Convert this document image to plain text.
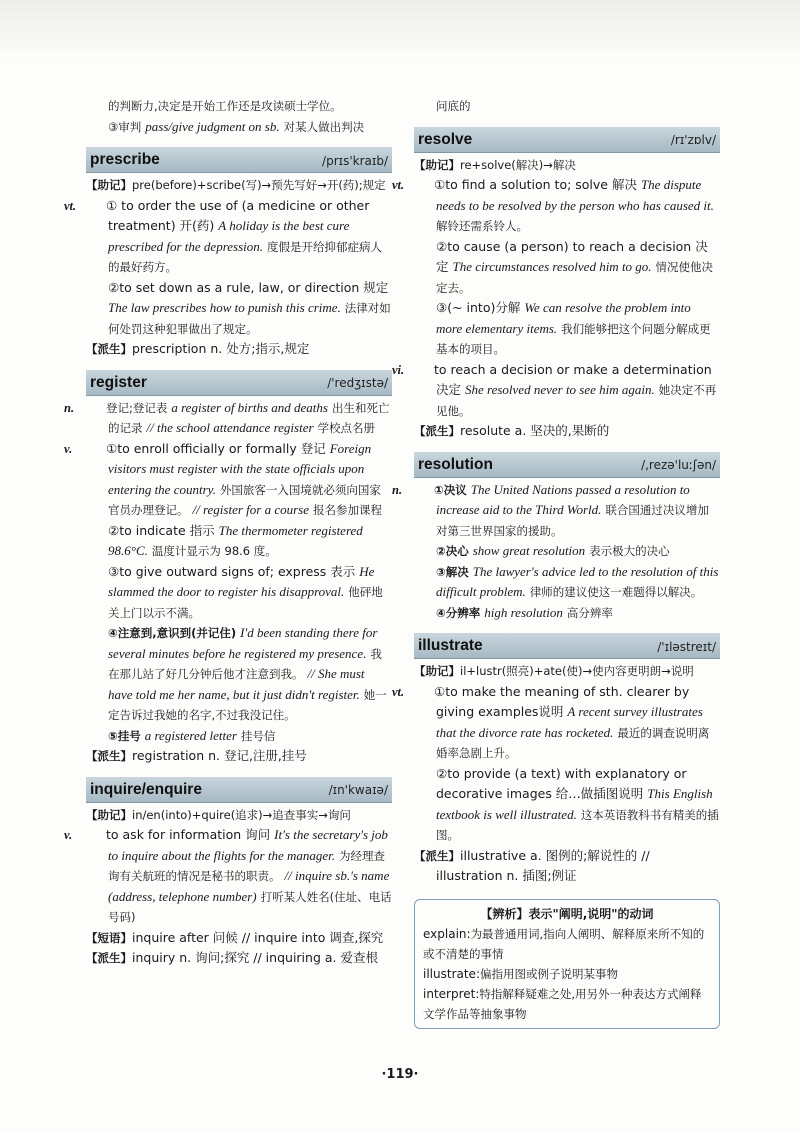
的判断力,决定是开始工作还是攻读硕士学位。

③审判 pass/give judgment on sb. 对某人做出判决

prescribe	/prɪs'kraɪb/

【助记】pre(before)+scribe(写)→预先写好→开(药);规定

vt. ① to order the use of (a medicine or other treatment) 开(药) A holiday is the best cure prescribed for the depression. 度假是开给抑郁症病人的最好药方。

②to set down as a rule, law, or direction 规定 The law prescribes how to punish this crime. 法律对如何处罚这种犯罪做出了规定。

【派生】prescription n. 处方;指示,规定

register	/'redʒɪstə/

n.	登记;登记表 a register of births and deaths 出生和死亡的记录 // the school attendance register 学校点名册

v.	①to enroll officially or formally 登记 Foreign visitors must register with the state officials upon entering the country. 外国旅客一入国境就必须向国家官员办理登记。 // register for a course 报名参加课程

②to indicate 指示 The thermometer registered 98.6°C. 温度计显示为 98.6 度。

③to give outward signs of; express 表示 He slammed the door to register his disapproval. 他砰地关上门以示不满。

④注意到,意识到(并记住) I'd been standing there for several minutes before he registered my presence. 我在那儿站了好几分钟后他才注意到我。 // She must have told me her name, but it just didn't register. 她一定告诉过我她的名字,不过我没记住。

⑤挂号 a registered letter 挂号信

【派生】registration n. 登记,注册,挂号

inquire/enquire	/ɪn'kwaɪə/

【助记】in/en(into)+quire(追求)→追查事实→询问

v.	to ask for information 询问 It's the secretary's job to inquire about the flights for the manager. 为经理查询有关航班的情况是秘书的职责。 // inquire sb.'s name (address, telephone number) 打听某人姓名(住址、电话号码)

【短语】inquire after 问候 // inquire into 调查,探究

【派生】inquiry n. 询问;探究 // inquiring a. 爱查根

问底的

resolve	/rɪ'zɒlv/

【助记】re+solve(解决)→解决

vt. ①to find a solution to; solve 解决 The dispute needs to be resolved by the person who has caused it. 解铃还需系铃人。

②to cause (a person) to reach a decision 决定 The circumstances resolved him to go. 情况使他决定去。

③(~ into)分解 We can resolve the problem into more elementary items. 我们能够把这个问题分解成更基本的项目。

vi. to reach a decision or make a determination 决定 She resolved never to see him again. 她决定不再见他。

【派生】resolute a. 坚决的,果断的

resolution	/,rezə'luːʃən/

n.	①决议 The United Nations passed a resolution to increase aid to the Third World. 联合国通过决议增加对第三世界国家的援助。

②决心 show great resolution 表示极大的决心

③解决 The lawyer's advice led to the resolution of this difficult problem. 律师的建议使这一难题得以解决。

④分辨率 high resolution 高分辨率

illustrate	/'ɪləstreɪt/

【助记】il+lustr(照亮)+ate(使)→使内容更明朗→说明

vt. ①to make the meaning of sth. clearer by giving examples说明 A recent survey illustrates that the divorce rate has rocketed. 最近的调查说明离婚率急剧上升。

②to provide (a text) with explanatory or decorative images 给…做插图说明 This English textbook is well illustrated. 这本英语教科书有精美的插图。

【派生】illustrative a. 图例的;解说性的 // illustration n. 插图;例证

【辨析】表示"阐明,说明"的动词

explain:为最普通用词,指向人阐明、解释原来所不知的或不清楚的事情

illustrate:偏指用图或例子说明某事物

interpret:特指解释疑难之处,用另外一种表达方式阐释文学作品等抽象事物

·119·
